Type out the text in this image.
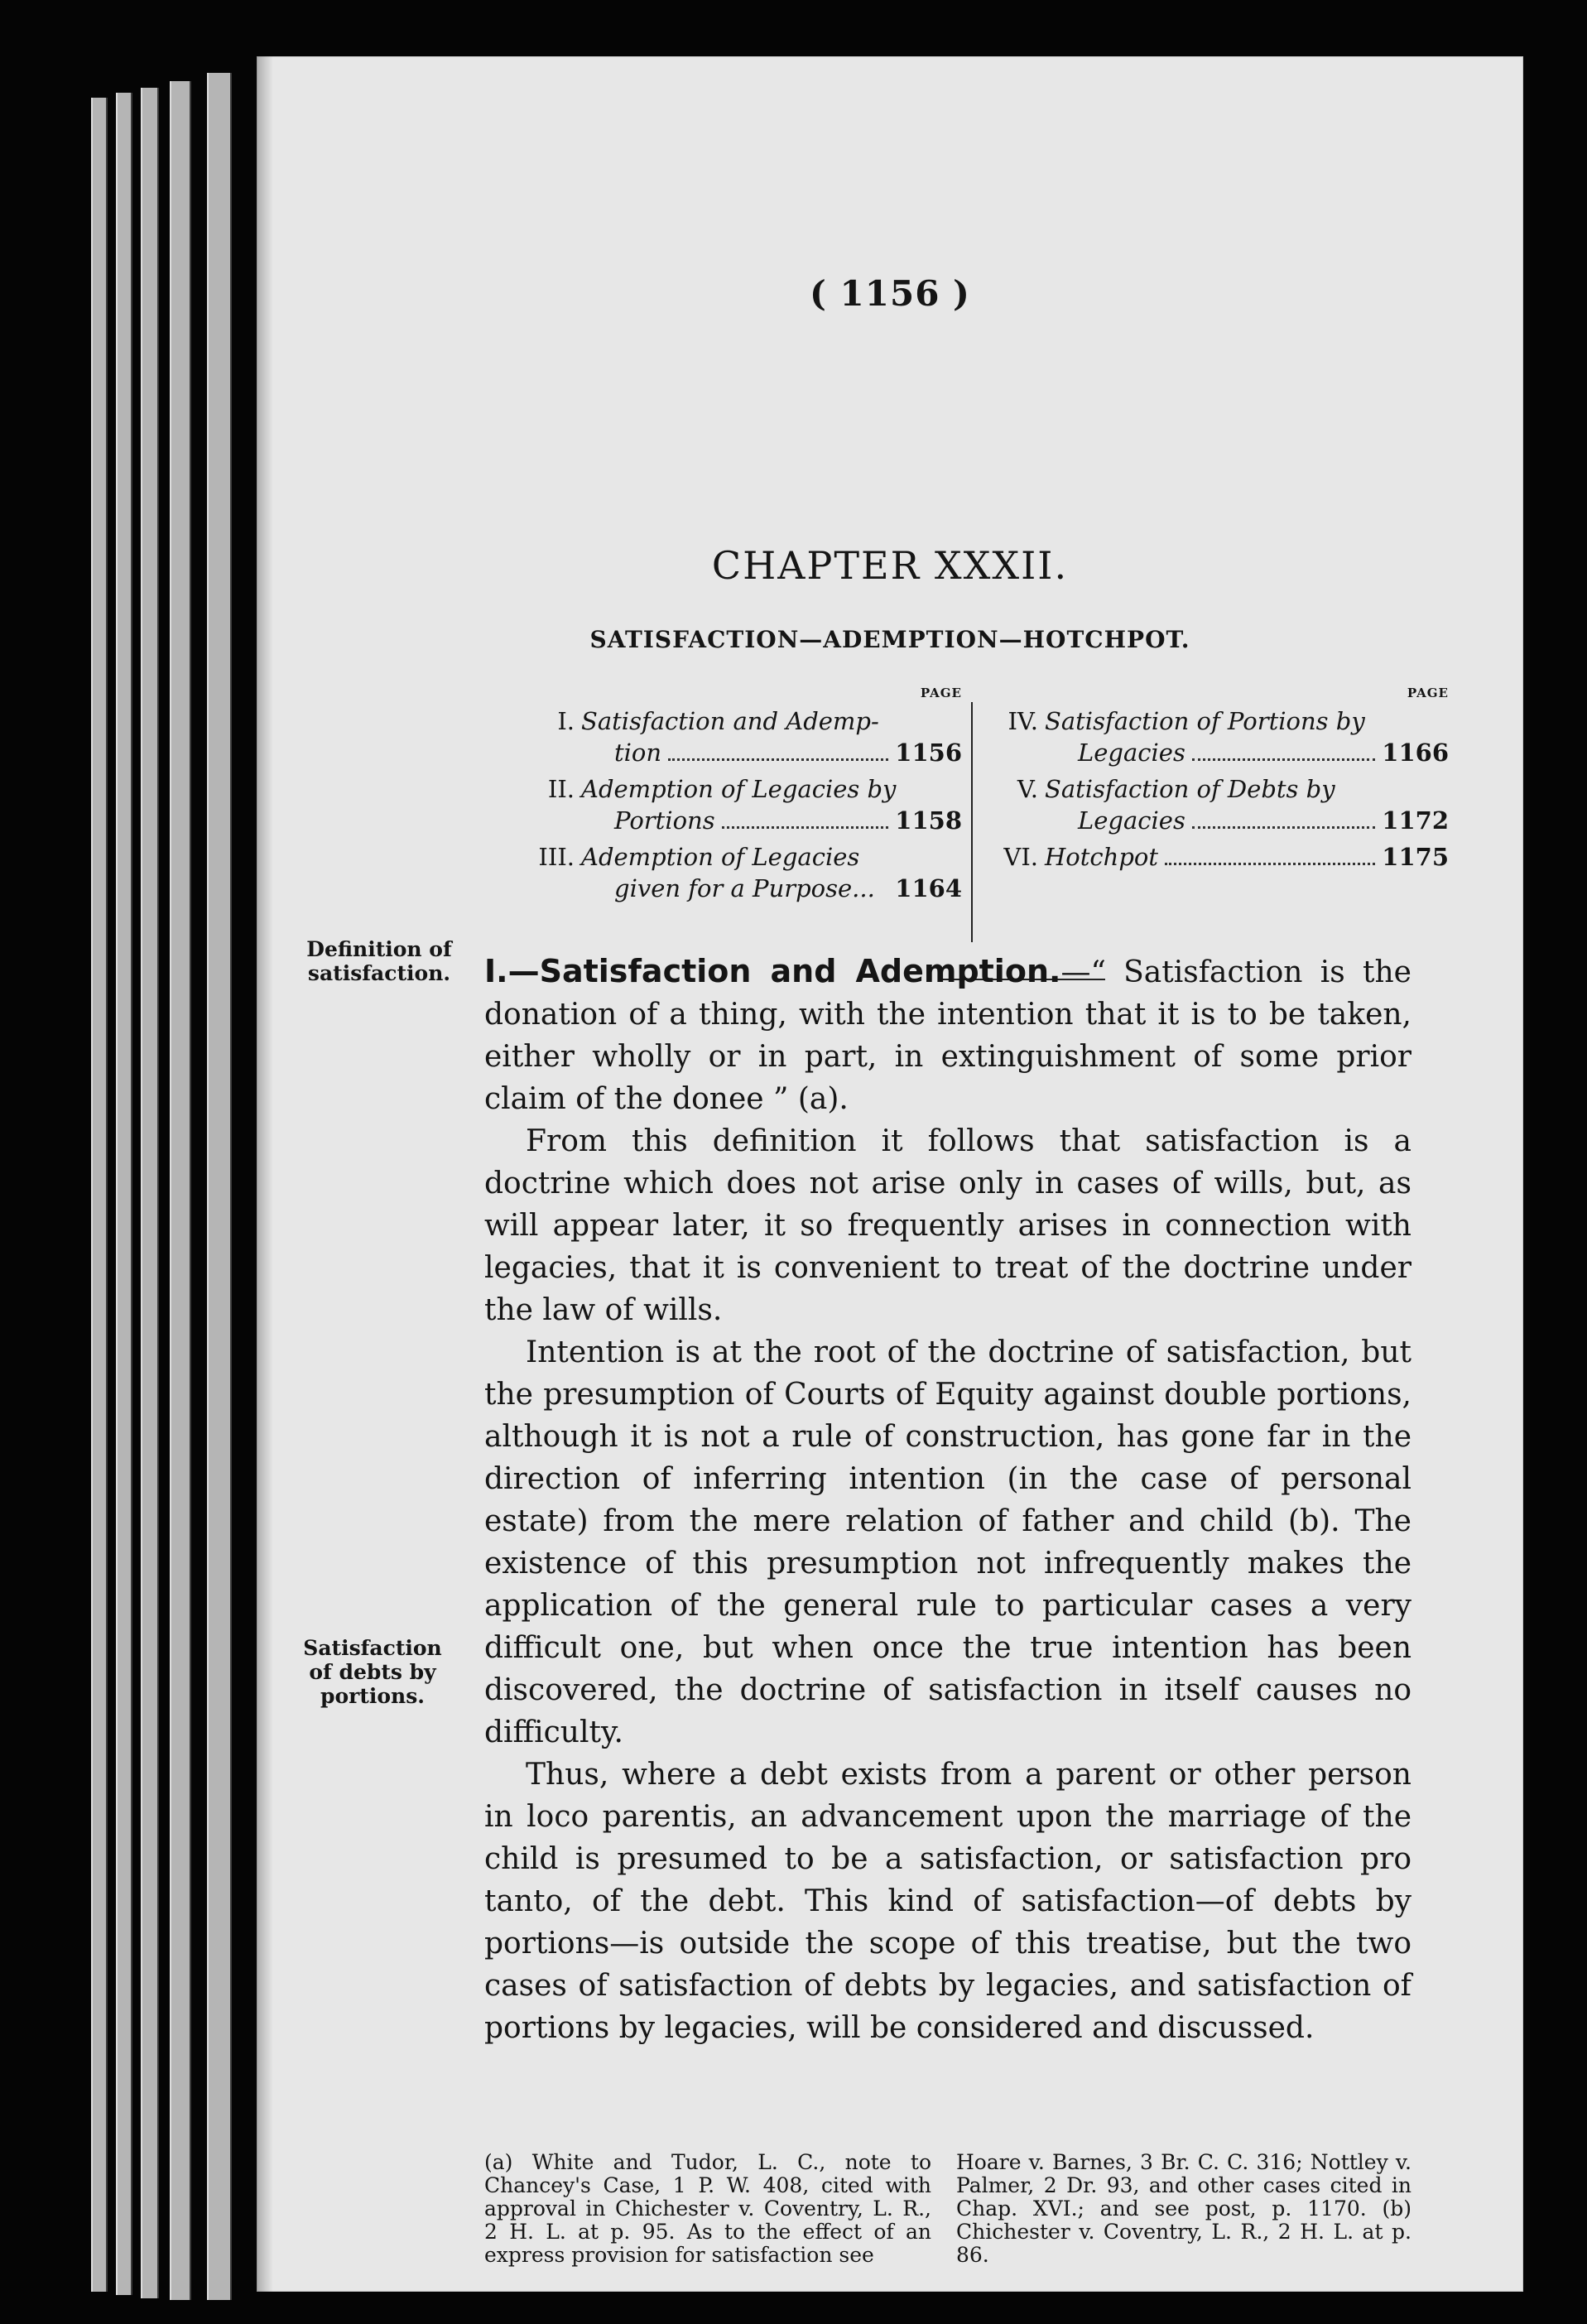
( 1156 )
CHAPTER XXXII.
SATISFACTION—ADEMPTION—HOTCHPOT.
PAGE
I. Satisfaction and Ademp-
tion	1156
II. Ademption of Legacies by
Portions	1158
III. Ademption of Legacies
given for a Purpose... 1164
PAGE
IV. Satisfaction of Portions by
Legacies	1166
V. Satisfaction of Debts by
Legacies	1172
VI. Hotchpot	1175
Definition of satisfaction.
Satisfaction of debts by portions.

I.—Satisfaction and Ademption.—“ Satisfaction is the donation of a thing, with the intention that it is to be taken, either wholly or in part, in extinguishment of some prior claim of the donee ” (a).

From this definition it follows that satisfaction is a doctrine which does not arise only in cases of wills, but, as will appear later, it so frequently arises in connection with legacies, that it is convenient to treat of the doctrine under the law of wills.

Intention is at the root of the doctrine of satisfaction, but the presumption of Courts of Equity against double portions, although it is not a rule of construction, has gone far in the direction of inferring intention (in the case of personal estate) from the mere relation of father and child (b). The existence of this presumption not infrequently makes the application of the general rule to particular cases a very difficult one, but when once the true intention has been discovered, the doctrine of satisfaction in itself causes no difficulty.

Thus, where a debt exists from a parent or other person in loco parentis, an advancement upon the marriage of the child is presumed to be a satisfaction, or satisfaction pro tanto, of the debt. This kind of satisfaction—of debts by portions—is outside the scope of this treatise, but the two cases of satisfaction of debts by legacies, and satisfaction of portions by legacies, will be considered and discussed.

(a) White and Tudor, L. C., note to Chancey's Case, 1 P. W. 408, cited with approval in Chichester v. Coventry, L. R., 2 H. L. at p. 95. As to the effect of an express provision for satisfaction see
Hoare v. Barnes, 3 Br. C. C. 316; Nottley v. Palmer, 2 Dr. 93, and other cases cited in Chap. XVI.; and see post, p. 1170. (b) Chichester v. Coventry, L. R., 2 H. L. at p. 86.
